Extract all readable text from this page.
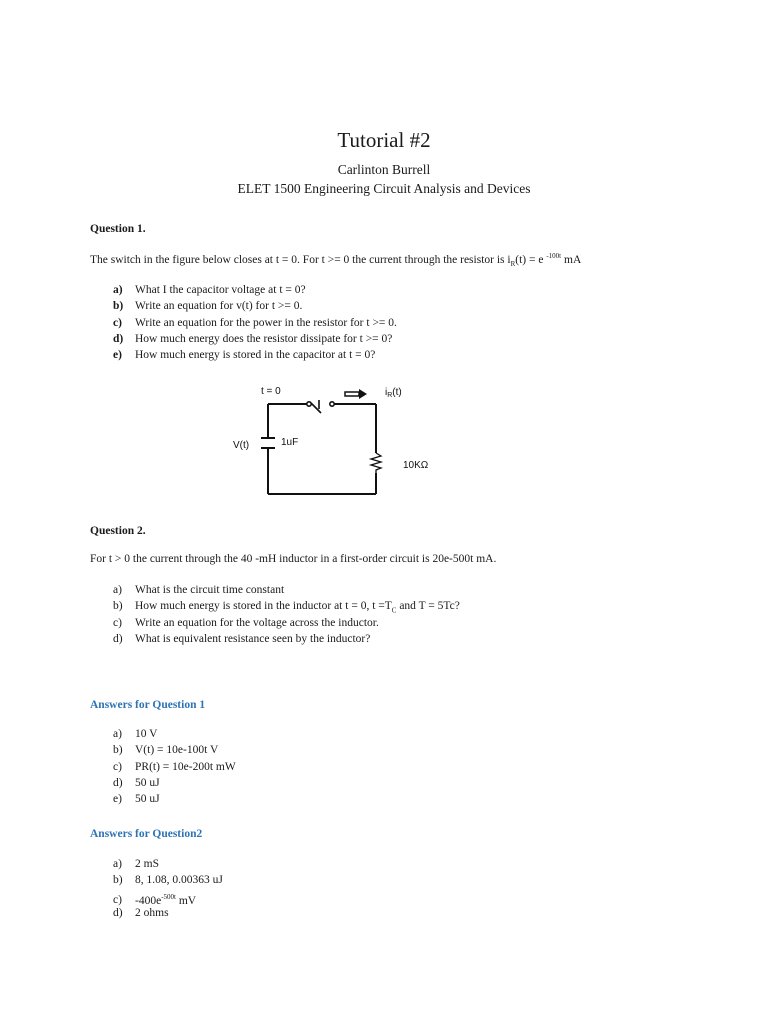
Tutorial #2
Carlinton Burrell
ELET 1500 Engineering Circuit Analysis and Devices
Question 1.
The switch in the figure below closes at t = 0. For t >= 0 the current through the resistor is $i_R(t) = e$ $^{-100t}$ mA
a) What I the capacitor voltage at t = 0?
b) Write an equation for v(t) for t >= 0.
c) Write an equation for the power in the resistor for t >= 0.
d) How much energy does the resistor dissipate for t >= 0?
e) How much energy is stored in the capacitor at t = 0?
t = 0	$i_R(t)$
V(t)	1uF
10KΩ
Question 2.
For t > 0 the current through the 40 -mH inductor in a first-order circuit is 20e-500t mA.
a) What is the circuit time constant
b) How much energy is stored in the inductor at t = 0, $t =T_C$ and T = 5Tc?
c) Write an equation for the voltage across the inductor.
d) What is equivalent resistance seen by the inductor?
Answers for Question 1
a) 10 V
b) V(t) = 10e-100t V
c) PR(t) = 10e-200t mW
d) 50 uJ
e) 50 uJ
Answers for Question2
a) 2 mS
b) 8, 1.08, 0.00363 uJ
c) $-400e^{-500t}$ mV
d) 2 ohms
